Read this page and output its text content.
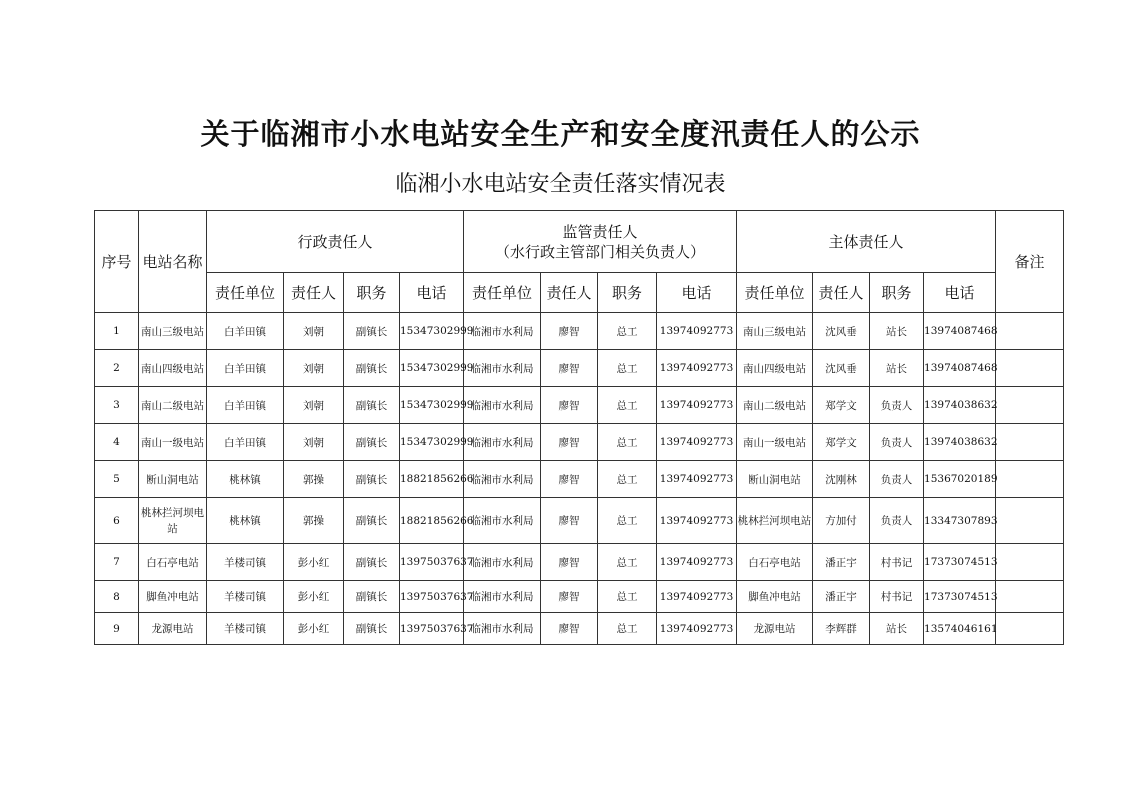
关于临湘市小水电站安全生产和安全度汛责任人的公示
临湘小水电站安全责任落实情况表
序号	电站名称	行政责任人				监管责任人
（水行政主管部门相关负责人）				主体责任人				备注
		责任单位	责任人	职务	电话	责任单位	责任人	职务	电话	责任单位	责任人	职务	电话	
1	南山三级电站	白羊田镇	刘朝	副镇长	15347302999	临湘市水利局	廖智	总工	13974092773	南山三级电站	沈风垂	站长	13974087468	
2	南山四级电站	白羊田镇	刘朝	副镇长	15347302999	临湘市水利局	廖智	总工	13974092773	南山四级电站	沈风垂	站长	13974087468	
3	南山二级电站	白羊田镇	刘朝	副镇长	15347302999	临湘市水利局	廖智	总工	13974092773	南山二级电站	郑学文	负责人	13974038632	
4	南山一级电站	白羊田镇	刘朝	副镇长	15347302999	临湘市水利局	廖智	总工	13974092773	南山一级电站	郑学文	负责人	13974038632	
5	断山洞电站	桃林镇	郭操	副镇长	18821856266	临湘市水利局	廖智	总工	13974092773	断山洞电站	沈刚林	负责人	15367020189	
6	桃林拦河坝电站	桃林镇	郭操	副镇长	18821856266	临湘市水利局	廖智	总工	13974092773	桃林拦河坝电站	方加付	负责人	13347307893	
7	白石亭电站	羊楼司镇	彭小红	副镇长	13975037637	临湘市水利局	廖智	总工	13974092773	白石亭电站	潘正宇	村书记	17373074513	
8	脚鱼冲电站	羊楼司镇	彭小红	副镇长	13975037637	临湘市水利局	廖智	总工	13974092773	脚鱼冲电站	潘正宇	村书记	17373074513	
9	龙源电站	羊楼司镇	彭小红	副镇长	13975037637	临湘市水利局	廖智	总工	13974092773	龙源电站	李辉群	站长	13574046161	
